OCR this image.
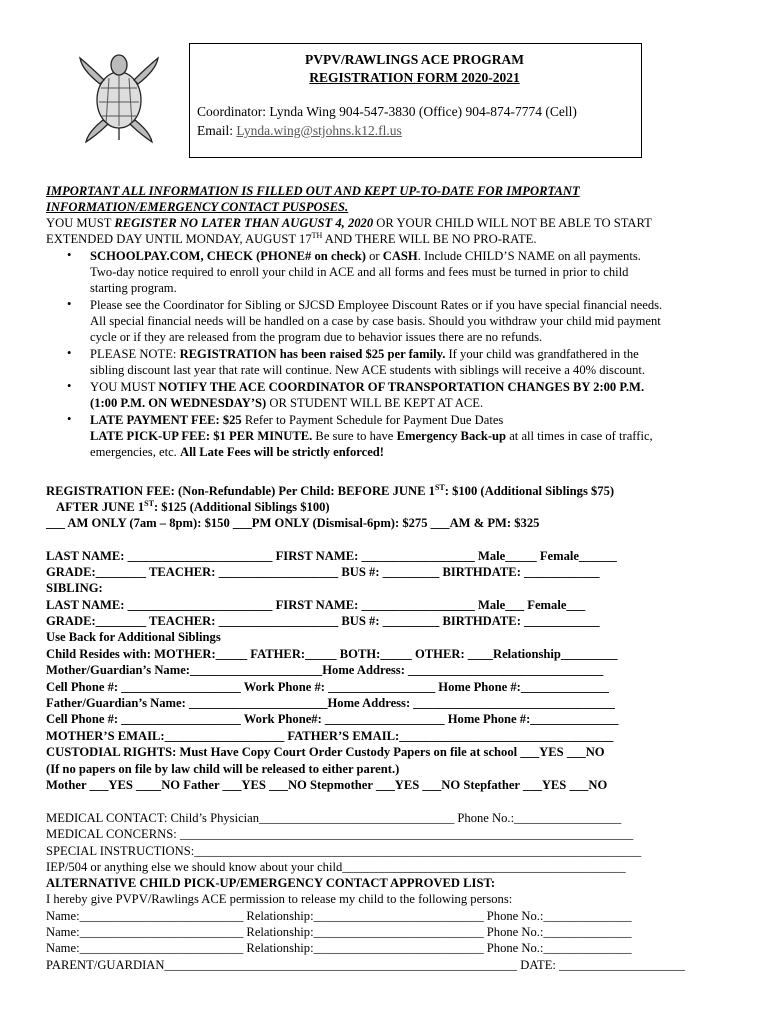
PVPV/RAWLINGS ACE PROGRAM
REGISTRATION FORM 2020-2021
Coordinator: Lynda Wing 904-547-3830 (Office) 904-874-7774 (Cell)
Email: Lynda.wing@stjohns.k12.fl.us
IMPORTANT ALL INFORMATION IS FILLED OUT AND KEPT UP-TO-DATE FOR IMPORTANT
INFORMATION/EMERGENCY CONTACT PUSPOSES.
YOU MUST REGISTER NO LATER THAN AUGUST 4, 2020 OR YOUR CHILD WILL NOT BE ABLE TO START
EXTENDED DAY UNTIL MONDAY, AUGUST 17TH AND THERE WILL BE NO PRO-RATE.
• SCHOOLPAY.COM, CHECK (PHONE# on check) or CASH. Include CHILD’S NAME on all payments.
Two-day notice required to enroll your child in ACE and all forms and fees must be turned in prior to child
starting program.
• Please see the Coordinator for Sibling or SJCSD Employee Discount Rates or if you have special financial needs.
All special financial needs will be handled on a case by case basis. Should you withdraw your child mid payment
cycle or if they are released from the program due to behavior issues there are no refunds.
• PLEASE NOTE: REGISTRATION has been raised $25 per family. If your child was grandfathered in the
sibling discount last year that rate will continue. New ACE students with siblings will receive a 40% discount.
• YOU MUST NOTIFY THE ACE COORDINATOR OF TRANSPORTATION CHANGES BY 2:00 P.M.
(1:00 P.M. ON WEDNESDAY’S) OR STUDENT WILL BE KEPT AT ACE.
• LATE PAYMENT FEE: $25 Refer to Payment Schedule for Payment Due Dates
LATE PICK-UP FEE: $1 PER MINUTE. Be sure to have Emergency Back-up at all times in case of traffic,
emergencies, etc. All Late Fees will be strictly enforced!
REGISTRATION FEE: (Non-Refundable) Per Child: BEFORE JUNE 1ST: $100 (Additional Siblings $75)
AFTER JUNE 1ST: $125 (Additional Siblings $100)
___ AM ONLY (7am – 8pm): $150 ___PM ONLY (Dismisal-6pm): $275 ___AM & PM: $325
LAST NAME: _______________________ FIRST NAME: __________________ Male_____ Female______
GRADE:________ TEACHER: ___________________ BUS #: _________ BIRTHDATE: ____________
SIBLING:
LAST NAME: _______________________ FIRST NAME: __________________ Male___ Female___
GRADE:________ TEACHER: ___________________ BUS #: _________ BIRTHDATE: ____________
Use Back for Additional Siblings
Child Resides with: MOTHER:_____ FATHER:_____ BOTH:_____ OTHER: ____Relationship_________
Mother/Guardian’s Name:_____________________Home Address: _______________________________
Cell Phone #: ___________________ Work Phone #: _________________ Home Phone #:______________
Father/Guardian’s Name: ______________________Home Address: ________________________________
Cell Phone #: ___________________ Work Phone#: ___________________ Home Phone #:______________
MOTHER’S EMAIL:___________________ FATHER’S EMAIL:__________________________________
CUSTODIAL RIGHTS: Must Have Copy Court Order Custody Papers on file at school ___YES ___NO
(If no papers on file by law child will be released to either parent.)
Mother ___YES ____NO Father ___YES ___NO Stepmother ___YES ___NO Stepfather ___YES ___NO
MEDICAL CONTACT: Child’s Physician_______________________________ Phone No.:_________________
MEDICAL CONCERNS: ________________________________________________________________________
SPECIAL INSTRUCTIONS:_______________________________________________________________________
IEP/504 or anything else we should know about your child_____________________________________________
ALTERNATIVE CHILD PICK-UP/EMERGENCY CONTACT APPROVED LIST:
I hereby give PVPV/Rawlings ACE permission to release my child to the following persons:
Name:__________________________ Relationship:___________________________ Phone No.:______________
Name:__________________________ Relationship:___________________________ Phone No.:______________
Name:__________________________ Relationship:___________________________ Phone No.:______________
PARENT/GUARDIAN________________________________________________________ DATE: ____________________
